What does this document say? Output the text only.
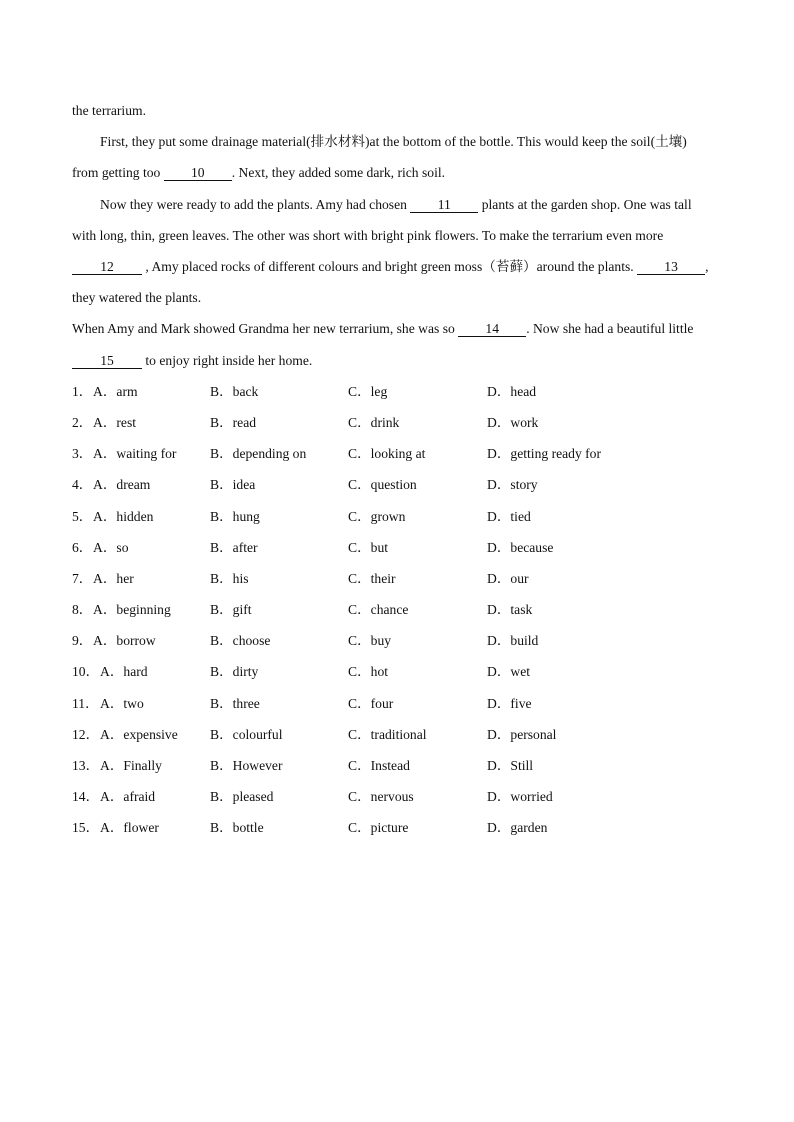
the terrarium.
First, they put some drainage material(排水材料)at the bottom of the bottle. This would keep the soil(土壤)
from getting too 10 . Next, they added some dark, rich soil.
Now they were ready to add the plants. Amy had chosen 11 plants at the garden shop. One was tall
with long, thin, green leaves. The other was short with bright pink flowers. To make the terrarium even more
12 , Amy placed rocks of different colours and bright green moss（苔藓）around the plants. 13 ,
they watered the plants.
When Amy and Mark showed Grandma her new terrarium, she was so 14 . Now she had a beautiful little
15 to enjoy right inside her home.
1． A．arm	B．back	C．leg	D．head
2． A．rest	B．read	C．drink	D．work
3． A．waiting for B．depending on	C．looking at	D．getting ready for
4． A．dream	B．idea	C．question	D．story
5． A．hidden	B．hung	C．grown	D．tied
6． A．so	B．after	C．but	D．because
7． A．her	B．his	C．their	D．our
8． A．beginning	B．gift	C．chance	D．task
9． A．borrow	B．choose	C．buy	D．build
10． A．hard	B．dirty	C．hot	D．wet
11． A．two	B．three	C．four	D．five
12． A．expensive B．colourful	C．traditional	D．personal
13． A．Finally	B．However	C．Instead	D．Still
14． A．afraid	B．pleased	C．nervous	D．worried
15． A．flower	B．bottle	C．picture	D．garden
